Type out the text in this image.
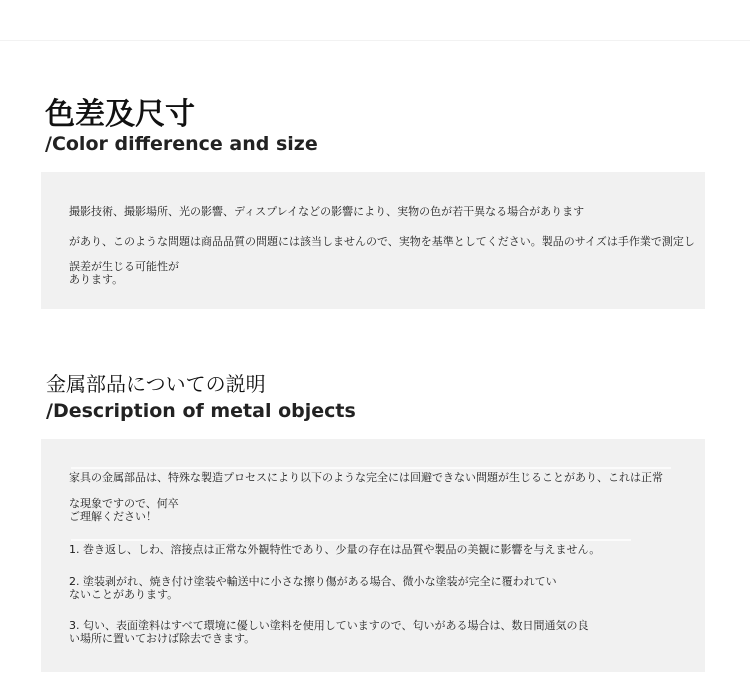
色差及尺寸
/Color difference and size

撮影技術、撮影場所、光の影響、ディスプレイなどの影響により、実物の色が若干異なる場合があります

があり、このような問題は商品品質の問題には該当しませんので、実物を基準としてください。製品のサイズは手作業で測定し

誤差が生じる可能性が

あります。

金属部品についての説明
/Description of metal objects

家具の金属部品は、特殊な製造プロセスにより以下のような完全には回避できない問題が生じることがあり、これは正常

な現象ですので、何卒

ご理解ください！

1. 巻き返し、しわ、溶接点は正常な外観特性であり、少量の存在は品質や製品の美観に影響を与えません。

2. 塗装剥がれ、焼き付け塗装や輸送中に小さな擦り傷がある場合、微小な塗装が完全に覆われてい

ないことがあります。

3. 匂い、表面塗料はすべて環境に優しい塗料を使用していますので、匂いがある場合は、数日間通気の良

い場所に置いておけば除去できます。
